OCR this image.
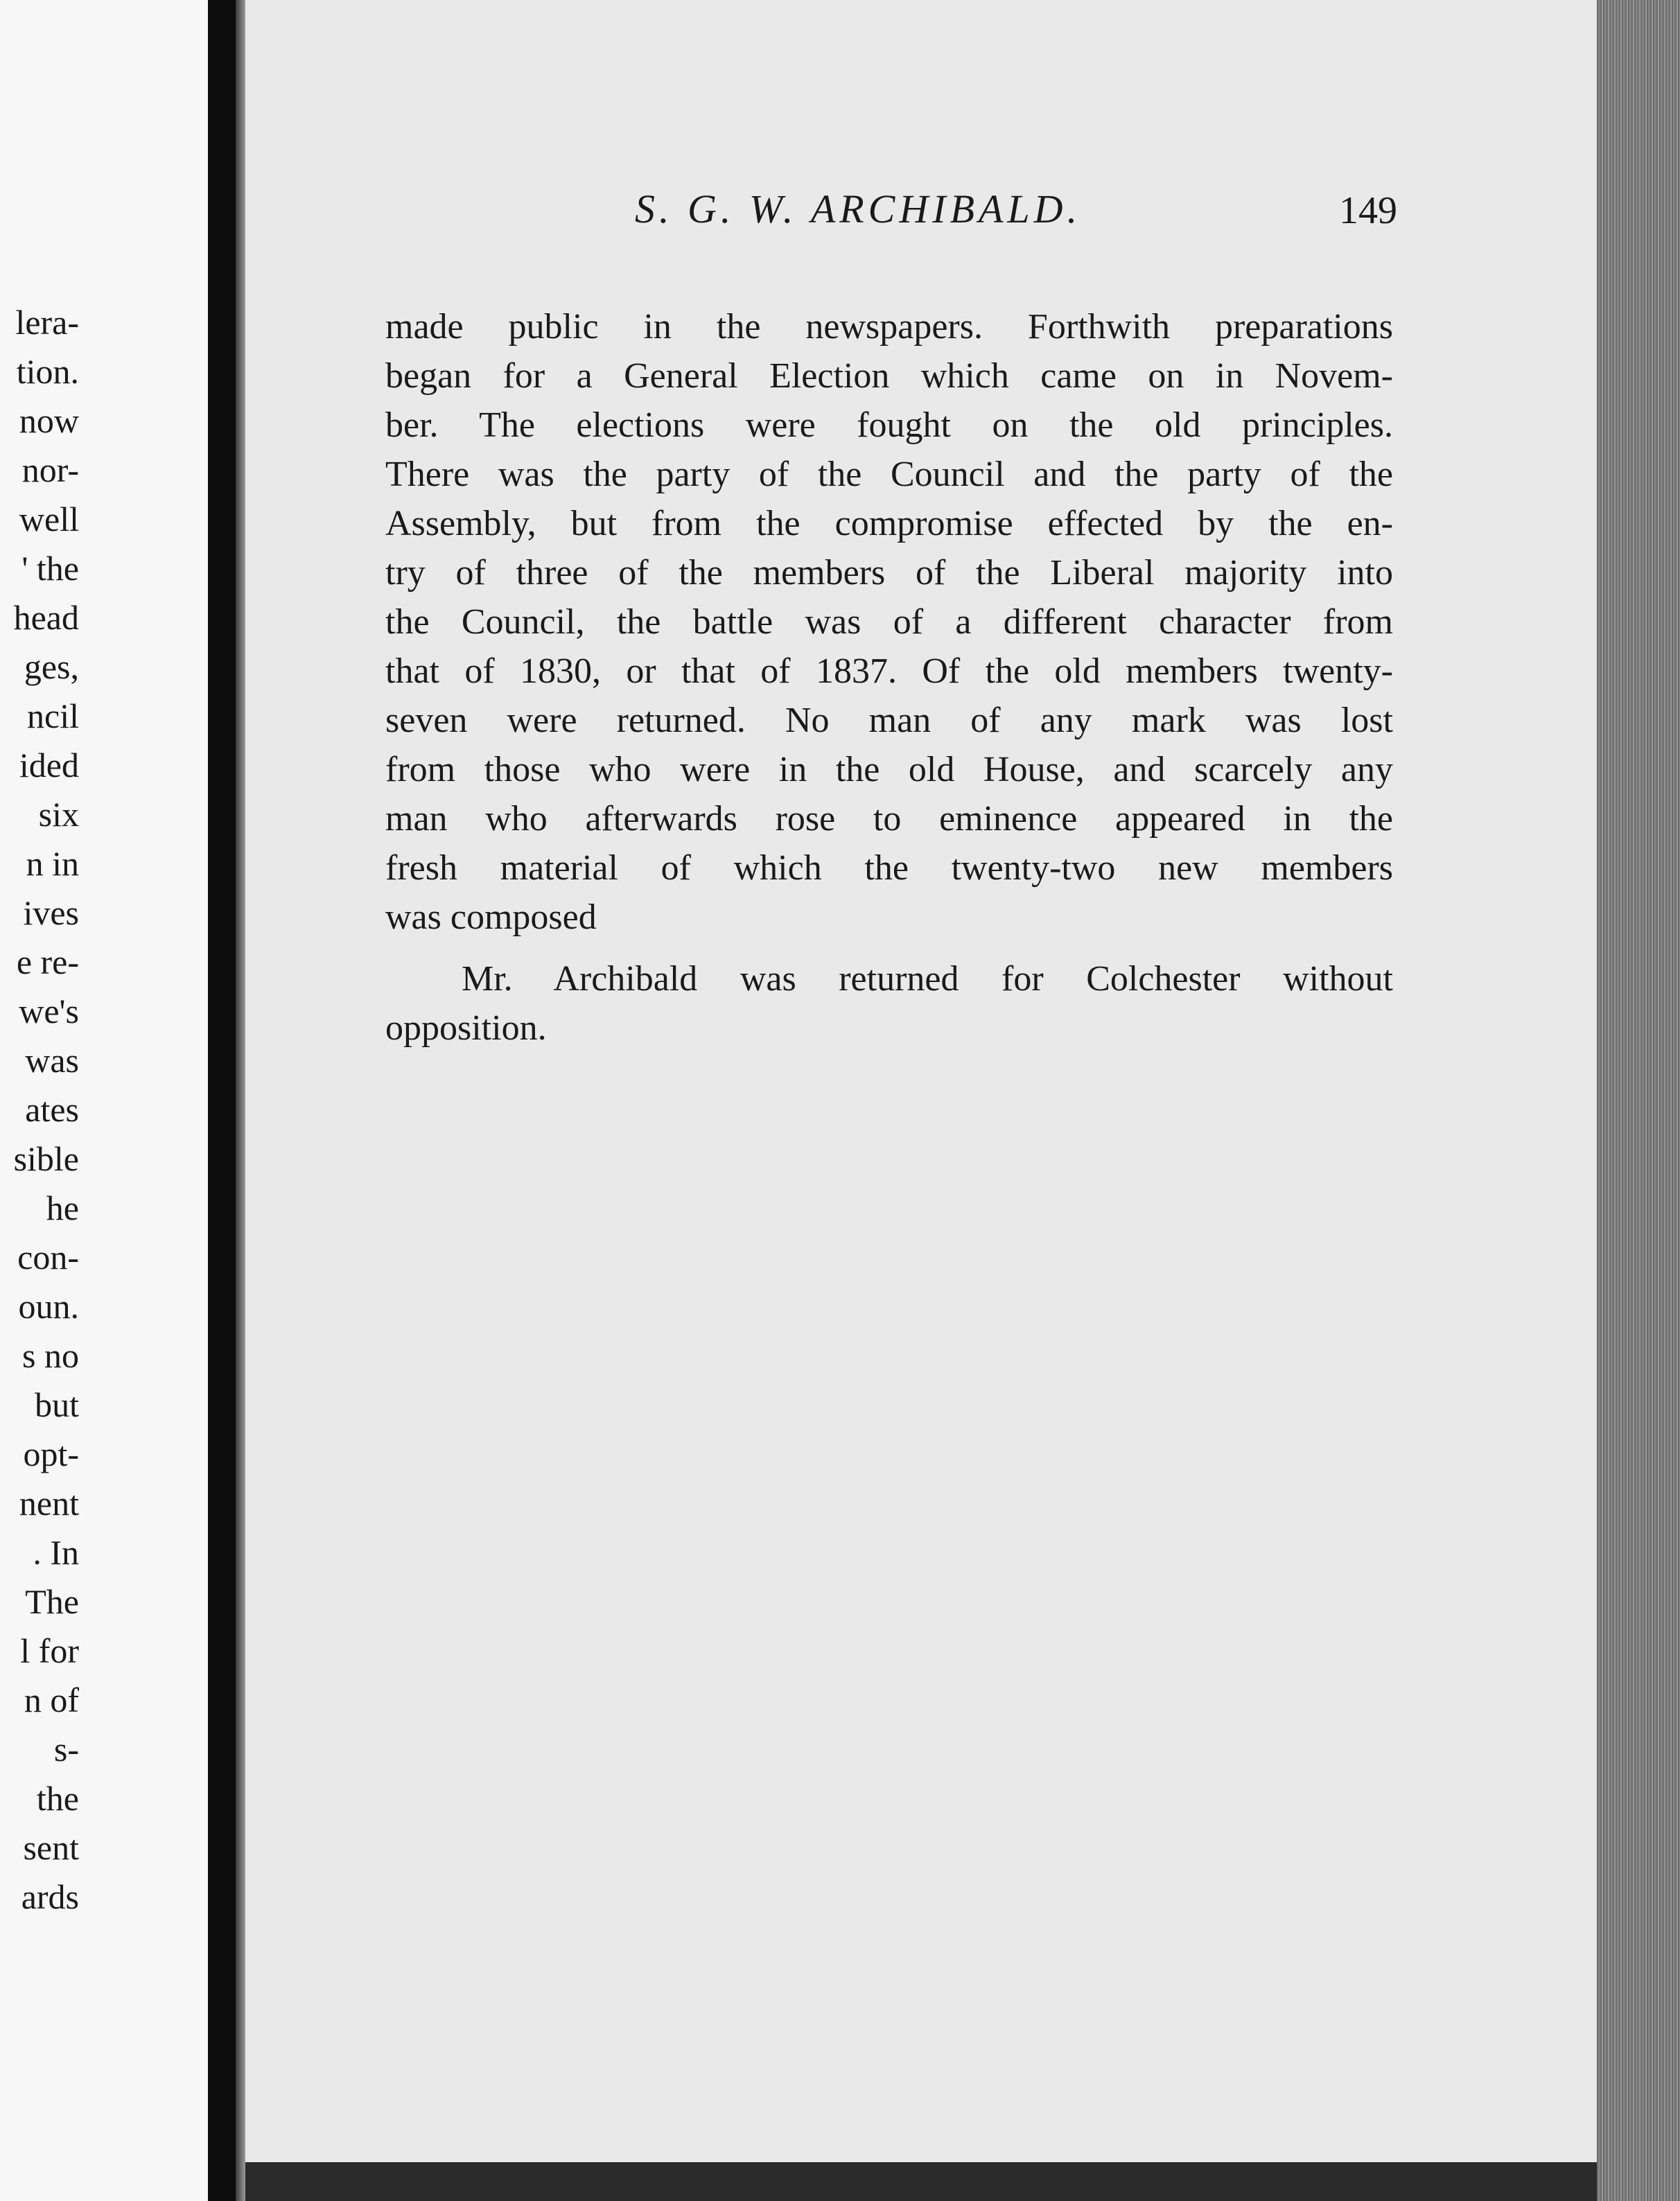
lera-
tion.
now
nor-
well
' the
head
ges,
ncil
ided
six
n in
ives
e re-
we's
was
ates
sible
he
con-
oun.
s no
but
opt-
nent
. In
The
l for
n of
s-
the
sent
ards
S. G. W. ARCHIBALD.	149
made public in the newspapers. Forthwith preparations
began for a General Election which came on in Novem-
ber. The elections were fought on the old principles.
There was the party of the Council and the party of the
Assembly, but from the compromise effected by the en-
try of three of the members of the Liberal majority into
the Council, the battle was of a different character from
that of 1830, or that of 1837. Of the old members twenty-
seven were returned. No man of any mark was lost
from those who were in the old House, and scarcely any
man who afterwards rose to eminence appeared in the
fresh material of which the twenty-two new members
was composed
Mr. Archibald was returned for Colchester without
opposition.
